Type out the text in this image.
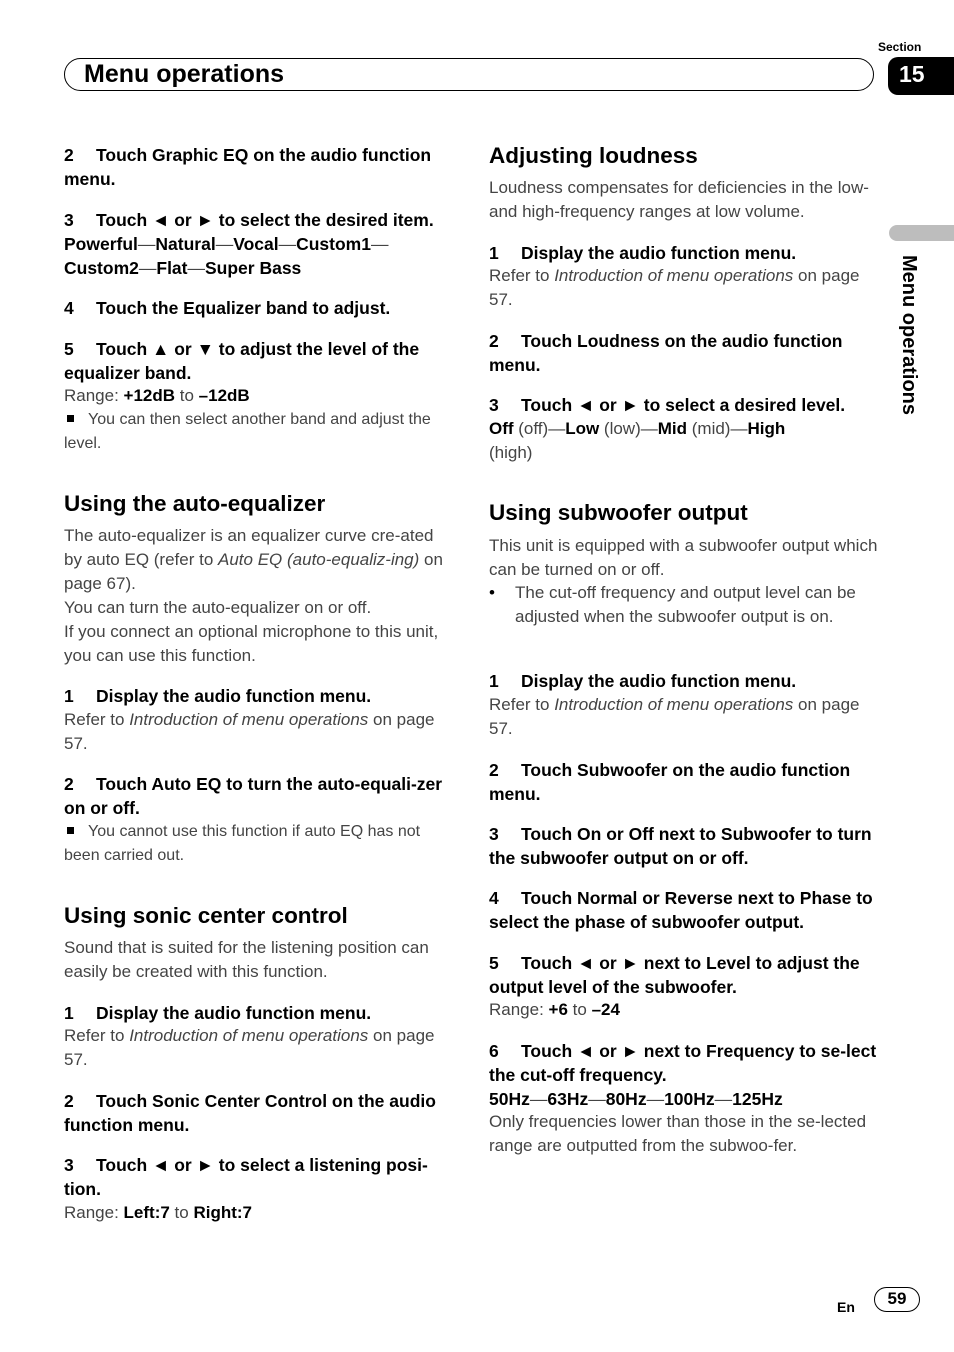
Menu operations
Section
15
Menu operations
2 Touch Graphic EQ on the audio function menu.
3 Touch ◄ or ► to select the desired item.
Powerful—Natural—Vocal—Custom1—
Custom2—Flat—Super Bass
4 Touch the Equalizer band to adjust.
5 Touch ▲ or ▼ to adjust the level of the equalizer band.

Range: +12dB to –12dB

You can then select another band and adjust the level.

Using the auto-equalizer

The auto-equalizer is an equalizer curve cre-ated by auto EQ (refer to Auto EQ (auto-equaliz-ing) on page 67).
You can turn the auto-equalizer on or off.
If you connect an optional microphone to this unit, you can use this function.

1 Display the audio function menu.

Refer to Introduction of menu operations on page 57.

2 Touch Auto EQ to turn the auto-equali-zer on or off.

You cannot use this function if auto EQ has not been carried out.

Using sonic center control

Sound that is suited for the listening position can easily be created with this function.

1 Display the audio function menu.

Refer to Introduction of menu operations on page 57.

2 Touch Sonic Center Control on the audio function menu.
3 Touch ◄ or ► to select a listening posi-tion.

Range: Left:7 to Right:7

Adjusting loudness

Loudness compensates for deficiencies in the low- and high-frequency ranges at low volume.

1 Display the audio function menu.

Refer to Introduction of menu operations on page 57.

2 Touch Loudness on the audio function menu.
3 Touch ◄ or ► to select a desired level.

Off (off)—Low (low)—Mid (mid)—High
(high)

Using subwoofer output

This unit is equipped with a subwoofer output which can be turned on or off.

• The cut-off frequency and output level can be adjusted when the subwoofer output is on.

1 Display the audio function menu.

Refer to Introduction of menu operations on page 57.

2 Touch Subwoofer on the audio function menu.
3 Touch On or Off next to Subwoofer to turn the subwoofer output on or off.
4 Touch Normal or Reverse next to Phase to select the phase of subwoofer output.
5 Touch ◄ or ► next to Level to adjust the output level of the subwoofer.

Range: +6 to –24

6 Touch ◄ or ► next to Frequency to se-lect the cut-off frequency.
50Hz—63Hz—80Hz—100Hz—125Hz

Only frequencies lower than those in the se-lected range are outputted from the subwoo-fer.

En	59
